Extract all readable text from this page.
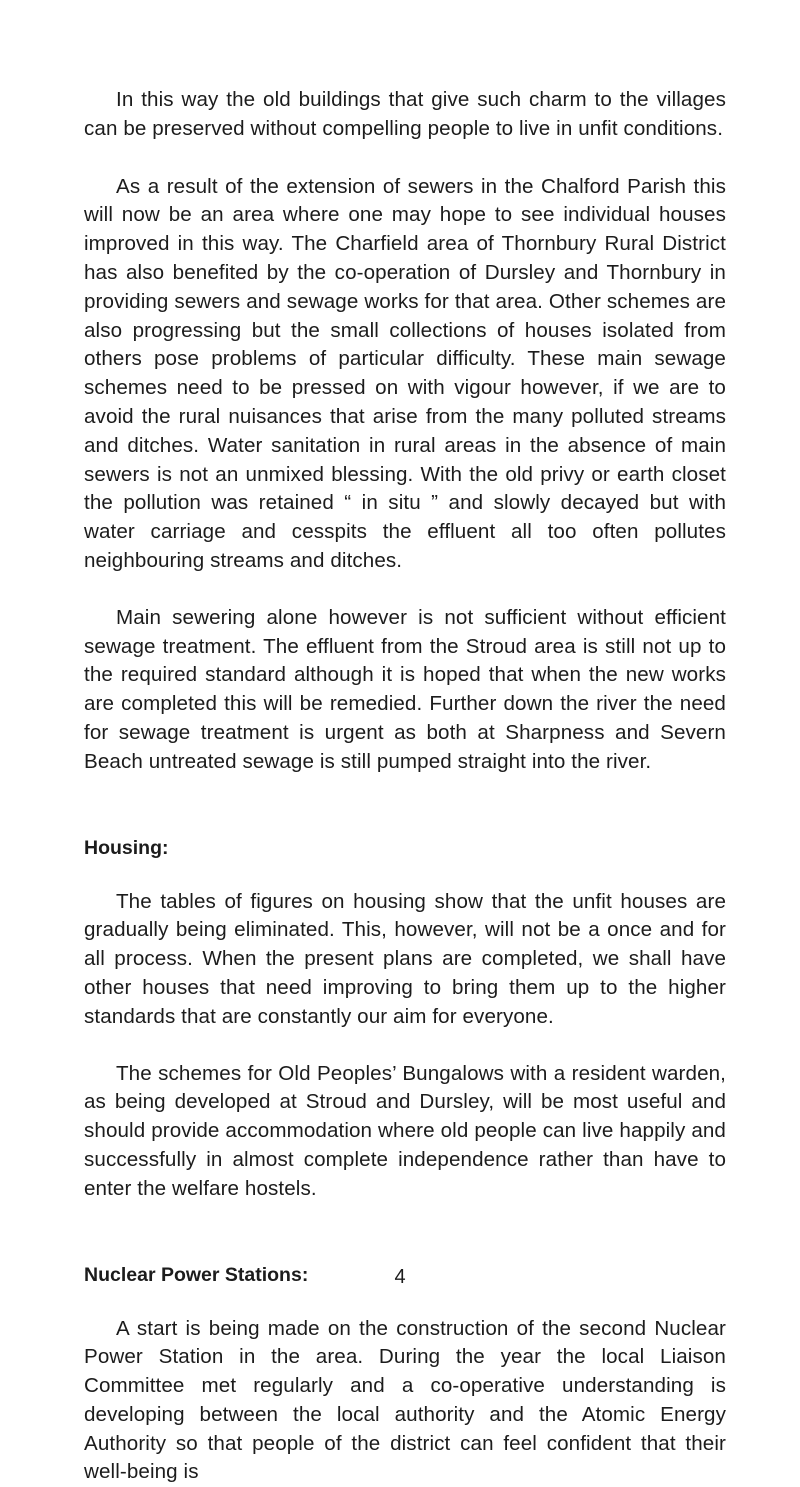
In this way the old buildings that give such charm to the villages can be preserved without compelling people to live in unfit conditions.

As a result of the extension of sewers in the Chalford Parish this will now be an area where one may hope to see individual houses improved in this way. The Charfield area of Thornbury Rural District has also benefited by the co-operation of Dursley and Thornbury in providing sewers and sewage works for that area. Other schemes are also progressing but the small collections of houses isolated from others pose problems of particular difficulty. These main sewage schemes need to be pressed on with vigour however, if we are to avoid the rural nuisances that arise from the many polluted streams and ditches. Water sanitation in rural areas in the absence of main sewers is not an unmixed blessing. With the old privy or earth closet the pollution was retained “ in situ ” and slowly decayed but with water carriage and cesspits the effluent all too often pollutes neighbouring streams and ditches.

Main sewering alone however is not sufficient without efficient sewage treatment. The effluent from the Stroud area is still not up to the required standard although it is hoped that when the new works are completed this will be remedied. Further down the river the need for sewage treatment is urgent as both at Sharpness and Severn Beach untreated sewage is still pumped straight into the river.

Housing:

The tables of figures on housing show that the unfit houses are gradually being eliminated. This, however, will not be a once and for all process. When the present plans are completed, we shall have other houses that need improving to bring them up to the higher standards that are constantly our aim for everyone.

The schemes for Old Peoples’ Bungalows with a resident warden, as being developed at Stroud and Dursley, will be most useful and should provide accommodation where old people can live happily and successfully in almost complete independence rather than have to enter the welfare hostels.

Nuclear Power Stations:

A start is being made on the construction of the second Nuclear Power Station in the area. During the year the local Liaison Committee met regularly and a co-operative understanding is developing between the local authority and the Atomic Energy Authority so that people of the district can feel confident that their well-being is

4
